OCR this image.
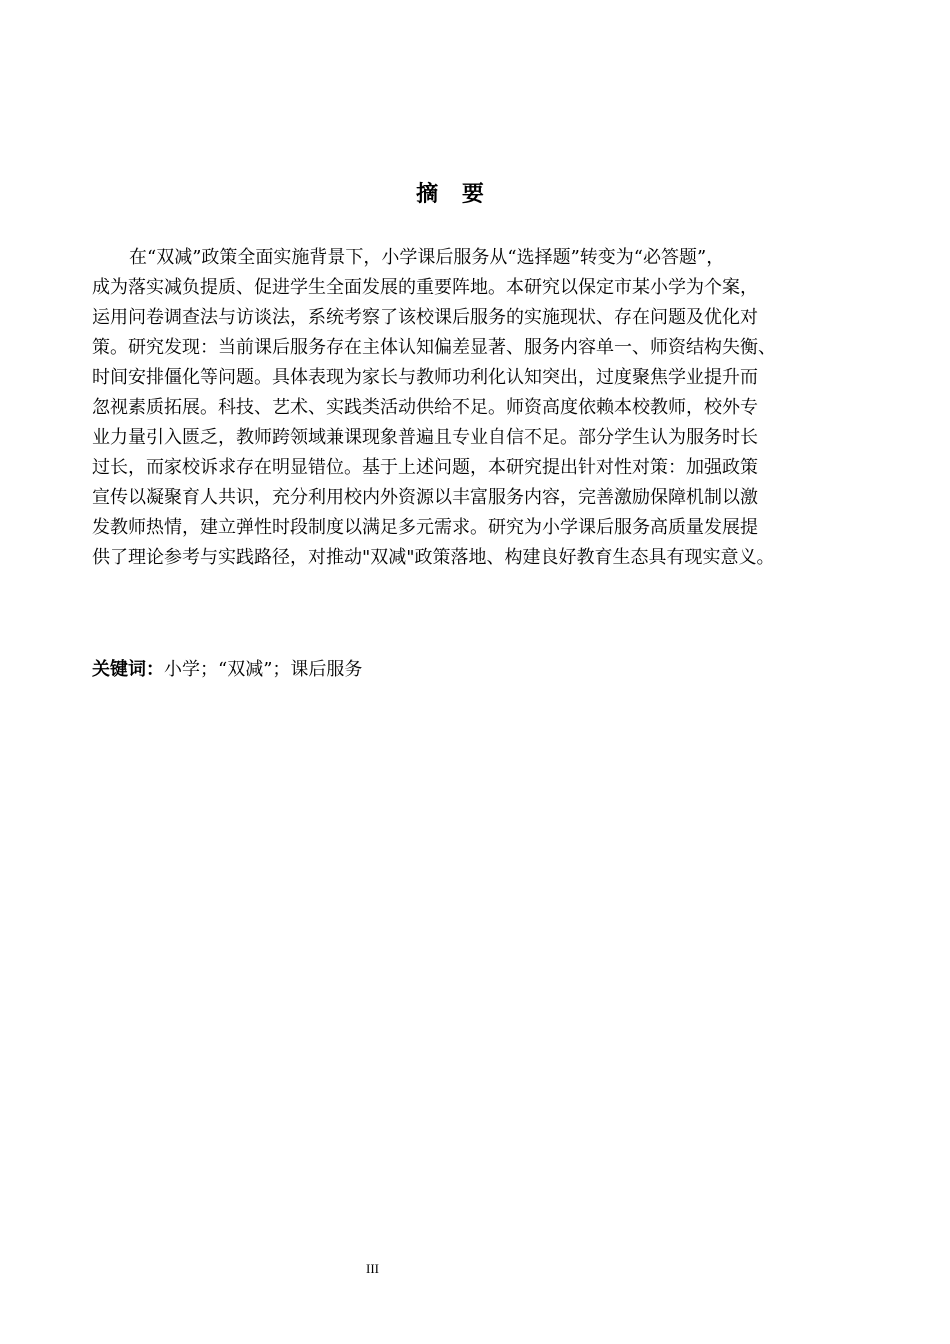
摘 要
在“双减”政策全面实施背景下，小学课后服务从“选择题”转变为“必答题”，
成为落实减负提质、促进学生全面发展的重要阵地。本研究以保定市某小学为个案，
运用问卷调查法与访谈法，系统考察了该校课后服务的实施现状、存在问题及优化对
策。研究发现：当前课后服务存在主体认知偏差显著、服务内容单一、师资结构失衡、
时间安排僵化等问题。具体表现为家长与教师功利化认知突出，过度聚焦学业提升而
忽视素质拓展。科技、艺术、实践类活动供给不足。师资高度依赖本校教师，校外专
业力量引入匮乏，教师跨领域兼课现象普遍且专业自信不足。部分学生认为服务时长
过长，而家校诉求存在明显错位。基于上述问题，本研究提出针对性对策：加强政策
宣传以凝聚育人共识，充分利用校内外资源以丰富服务内容，完善激励保障机制以激
发教师热情，建立弹性时段制度以满足多元需求。研究为小学课后服务高质量发展提
供了理论参考与实践路径，对推动"双减"政策落地、构建良好教育生态具有现实意义。
关键词：小学；“双减”；课后服务
III
